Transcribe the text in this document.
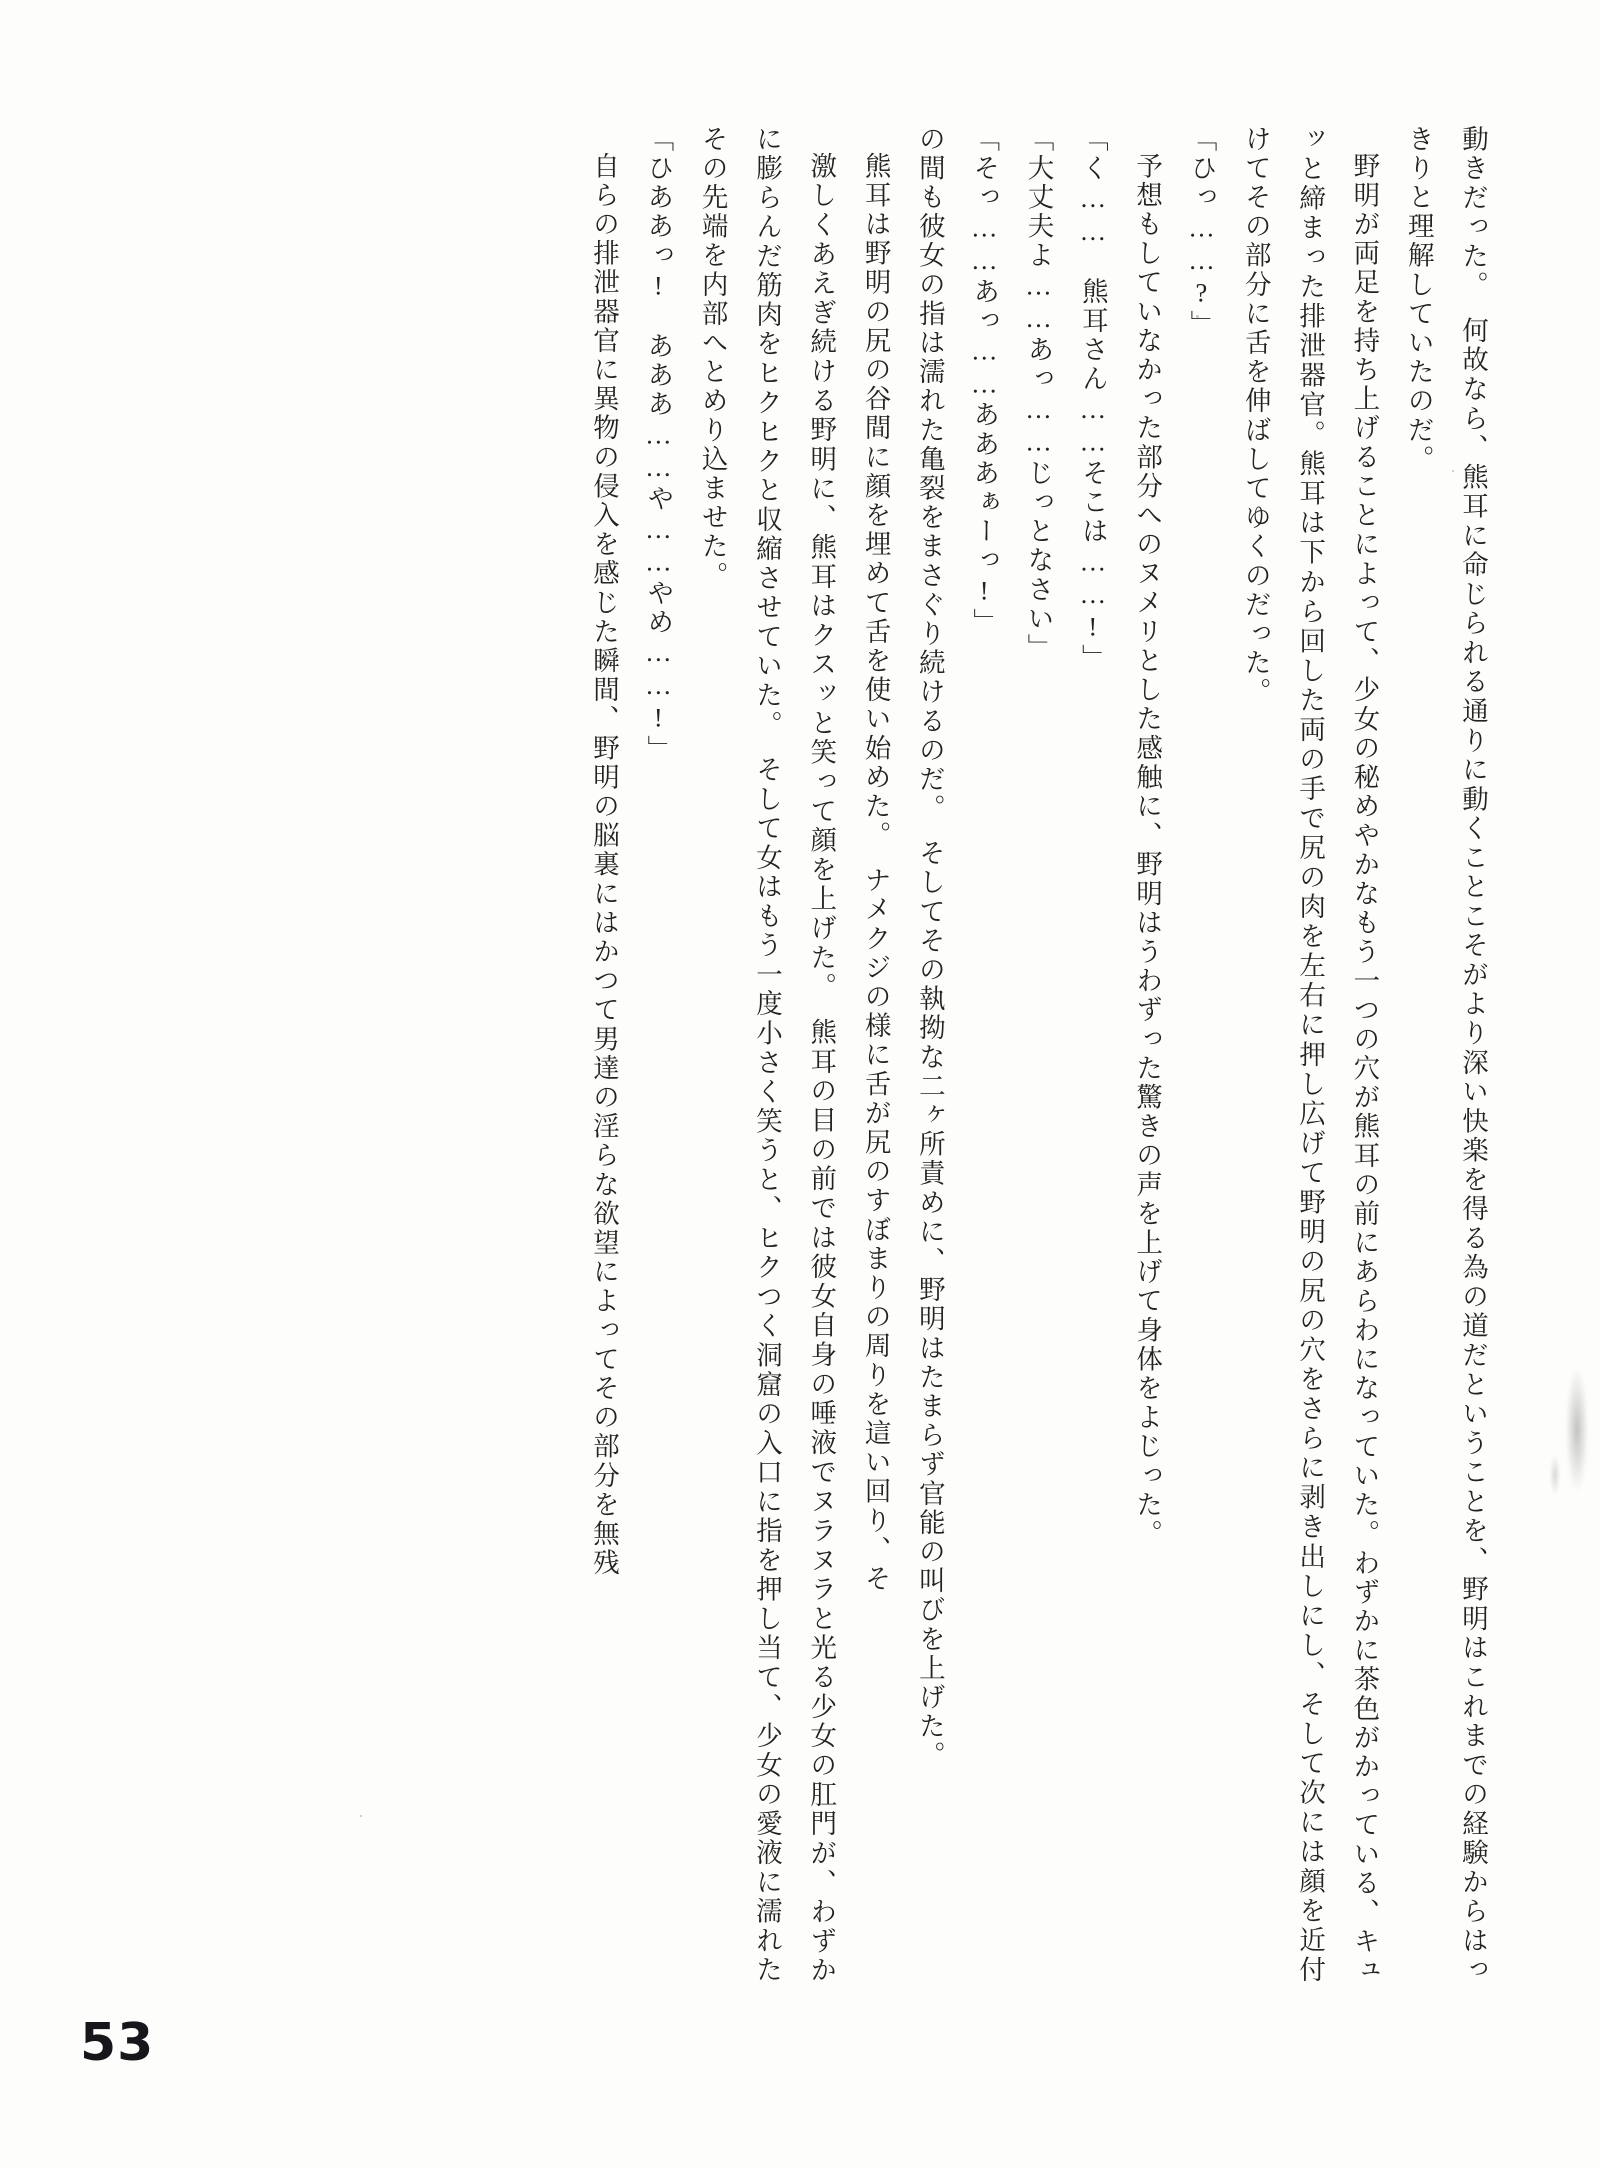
動きだった。　何故なら、熊耳に命じられる通りに動くことこそがより深い快楽を得る為の道だということを、野明はこれまでの経験からはっきりと理解していたのだ。

野明が両足を持ち上げることによって、少女の秘めやかなもう一つの穴が熊耳の前にあらわになっていた。わずかに茶色がかっている、キュッと締まった排泄器官。熊耳は下から回した両の手で尻の肉を左右に押し広げて野明の尻の穴をさらに剥き出しにし、そして次には顔を近付けてその部分に舌を伸ばしてゆくのだった。

「ひっ……?」

予想もしていなかった部分へのヌメリとした感触に、野明はうわずった驚きの声を上げて身体をよじった。

「く……　熊耳さん……そこは……!」

「大丈夫よ……あっ……じっとなさい」

「そっ……あっ……あああぁーっ!」

の間も彼女の指は濡れた亀裂をまさぐり続けるのだ。　そしてその執拗な二ヶ所責めに、野明はたまらず官能の叫びを上げた。

熊耳は野明の尻の谷間に顔を埋めて舌を使い始めた。　ナメクジの様に舌が尻のすぼまりの周りを這い回り、そ

激しくあえぎ続ける野明に、熊耳はクスッと笑って顔を上げた。　熊耳の目の前では彼女自身の唾液でヌラヌラと光る少女の肛門が、わずかに膨らんだ筋肉をヒクヒクと収縮させていた。　そして女はもう一度小さく笑うと、ヒクつく洞窟の入口に指を押し当て、少女の愛液に濡れたその先端を内部へとめり込ませた。

「ひああっ!　あああ……や……やめ……!」

自らの排泄器官に異物の侵入を感じた瞬間、野明の脳裏にはかつて男達の淫らな欲望によってその部分を無残

53
